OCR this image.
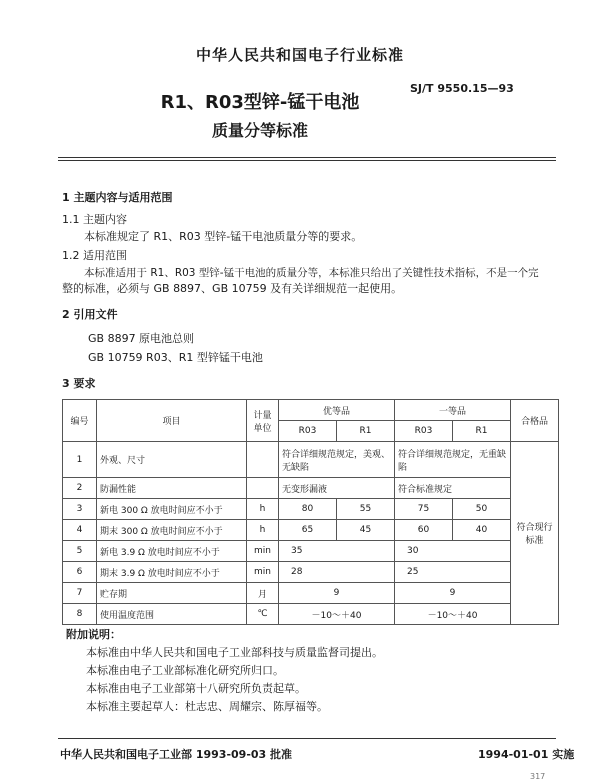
中华人民共和国电子行业标准
SJ/T 9550.15—93
R1、R03型锌-锰干电池
质量分等标准
1 主题内容与适用范围
1.1 主题内容
本标准规定了 R1、R03 型锌-锰干电池质量分等的要求。
1.2 适用范围
本标准适用于 R1、R03 型锌-锰干电池的质量分等，本标准只给出了关键性技术指标，不是一个完
整的标准，必须与 GB 8897、GB 10759 及有关详细规范一起使用。
2 引用文件
GB 8897 原电池总则
GB 10759 R03、R1 型锌锰干电池
3 要求
编号	项目	计量单位	优等品		一等品		合格品
			R03	R1	R03	R1	
1	外观、尺寸		符合详细规范规定，美观、无缺陷		符合详细规范规定，无重缺陷		符合现行标准
2	防漏性能		无变形漏液		符合标准规定		
3	新电 300 Ω 放电时间应不小于	h	80	55	75	50	
4	期末 300 Ω 放电时间应不小于	h	65	45	60	40	
5	新电 3.9 Ω 放电时间应不小于	min	35		30		
6	期末 3.9 Ω 放电时间应不小于	min	28		25		
7	贮存期	月	9		9		
8	使用温度范围	℃	－10～＋40		－10～＋40		
附加说明：
本标准由中华人民共和国电子工业部科技与质量监督司提出。
本标准由电子工业部标准化研究所归口。
本标准由电子工业部第十八研究所负责起草。
本标准主要起草人：杜志忠、周耀宗、陈厚福等。
中华人民共和国电子工业部 1993-09-03 批准	1994-01-01 实施
317
